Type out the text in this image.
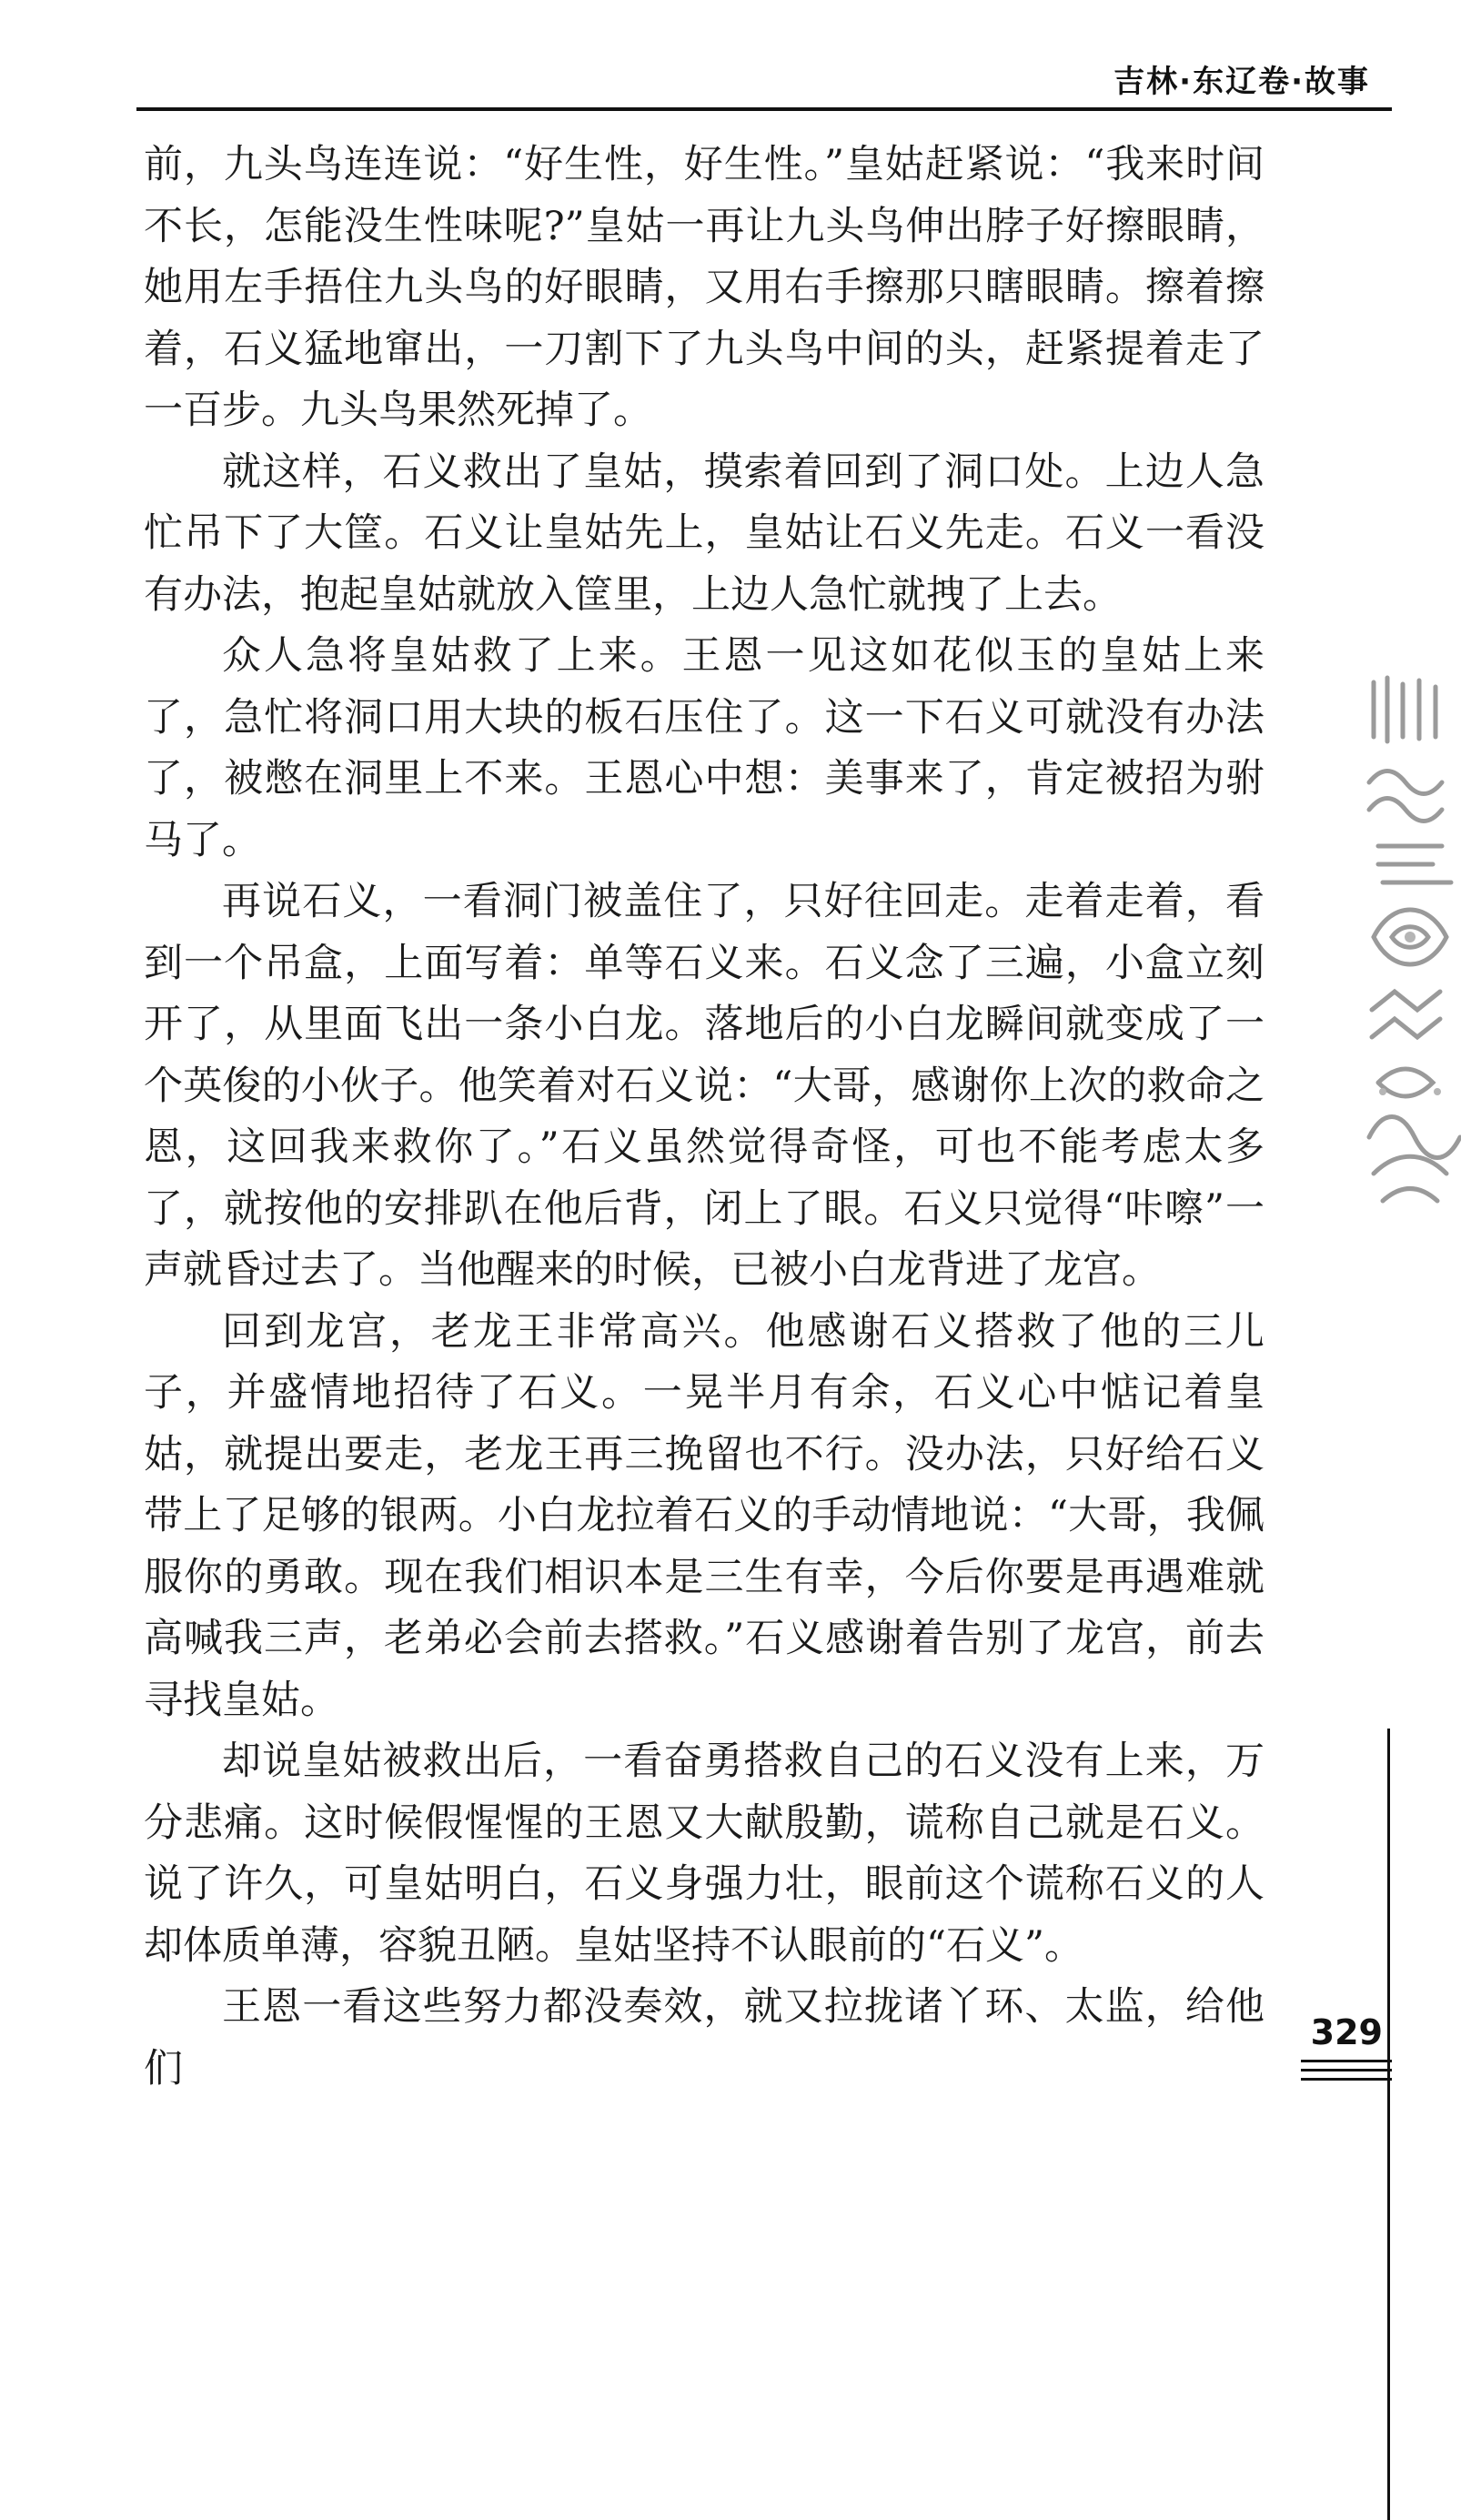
吉林·东辽卷·故事

前，九头鸟连连说：“好生性，好生性。”皇姑赶紧说：“我来时间不长，怎能没生性味呢?”皇姑一再让九头鸟伸出脖子好擦眼睛，她用左手捂住九头鸟的好眼睛，又用右手擦那只瞎眼睛。擦着擦着，石义猛地窜出，一刀割下了九头鸟中间的头，赶紧提着走了一百步。九头鸟果然死掉了。

就这样，石义救出了皇姑，摸索着回到了洞口处。上边人急忙吊下了大筐。石义让皇姑先上，皇姑让石义先走。石义一看没有办法，抱起皇姑就放入筐里，上边人急忙就拽了上去。

众人急将皇姑救了上来。王恩一见这如花似玉的皇姑上来了，急忙将洞口用大块的板石压住了。这一下石义可就没有办法了，被憋在洞里上不来。王恩心中想：美事来了，肯定被招为驸马了。

再说石义，一看洞门被盖住了，只好往回走。走着走着，看到一个吊盒，上面写着：单等石义来。石义念了三遍，小盒立刻开了，从里面飞出一条小白龙。落地后的小白龙瞬间就变成了一个英俊的小伙子。他笑着对石义说：“大哥，感谢你上次的救命之恩，这回我来救你了。”石义虽然觉得奇怪，可也不能考虑太多了，就按他的安排趴在他后背，闭上了眼。石义只觉得“咔嚓”一声就昏过去了。当他醒来的时候，已被小白龙背进了龙宫。

回到龙宫，老龙王非常高兴。他感谢石义搭救了他的三儿子，并盛情地招待了石义。一晃半月有余，石义心中惦记着皇姑，就提出要走，老龙王再三挽留也不行。没办法，只好给石义带上了足够的银两。小白龙拉着石义的手动情地说：“大哥，我佩服你的勇敢。现在我们相识本是三生有幸，今后你要是再遇难就高喊我三声，老弟必会前去搭救。”石义感谢着告别了龙宫，前去寻找皇姑。

却说皇姑被救出后，一看奋勇搭救自己的石义没有上来，万分悲痛。这时候假惺惺的王恩又大献殷勤，谎称自己就是石义。说了许久，可皇姑明白，石义身强力壮，眼前这个谎称石义的人却体质单薄，容貌丑陋。皇姑坚持不认眼前的“石义”。

王恩一看这些努力都没奏效，就又拉拢诸丫环、太监，给他们

329
